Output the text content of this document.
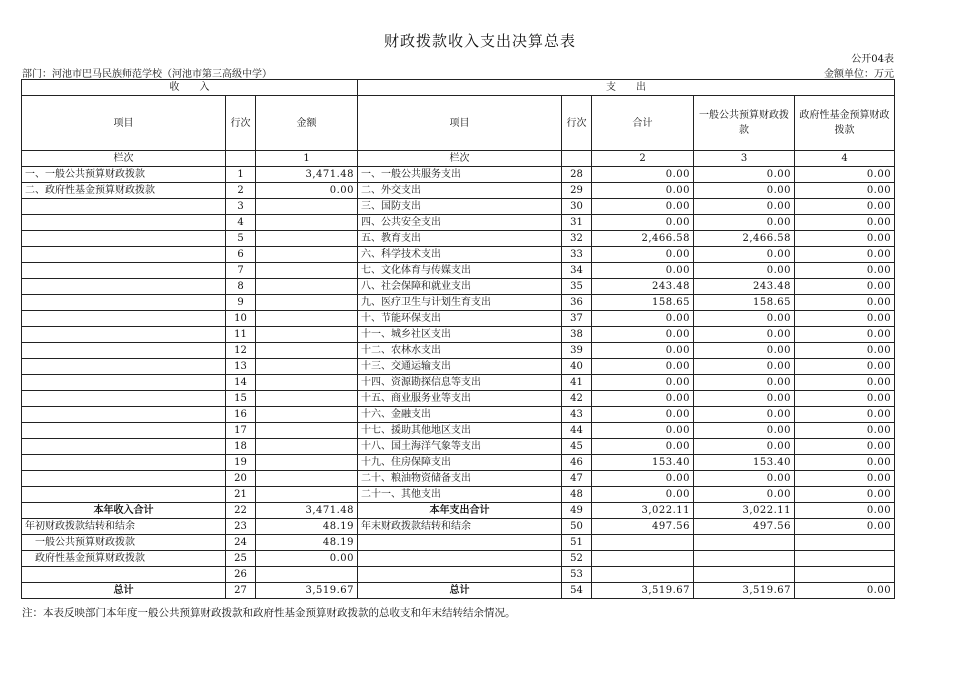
财政拨款收入支出决算总表
公开04表
部门：河池市巴马民族师范学校（河池市第三高级中学）	金额单位：万元
收　　入			支　　出				
项目	行次	金额	项目	行次	合计	一般公共预算财政拨款	政府性基金预算财政拨款
栏次		1	栏次		2	3	4
一、一般公共预算财政拨款	1	3,471.48	一、一般公共服务支出	28	0.00	0.00	0.00
二、政府性基金预算财政拨款	2	0.00	二、外交支出	29	0.00	0.00	0.00
	3		三、国防支出	30	0.00	0.00	0.00
	4		四、公共安全支出	31	0.00	0.00	0.00
	5		五、教育支出	32	2,466.58	2,466.58	0.00
	6		六、科学技术支出	33	0.00	0.00	0.00
	7		七、文化体育与传媒支出	34	0.00	0.00	0.00
	8		八、社会保障和就业支出	35	243.48	243.48	0.00
	9		九、医疗卫生与计划生育支出	36	158.65	158.65	0.00
	10		十、节能环保支出	37	0.00	0.00	0.00
	11		十一、城乡社区支出	38	0.00	0.00	0.00
	12		十二、农林水支出	39	0.00	0.00	0.00
	13		十三、交通运输支出	40	0.00	0.00	0.00
	14		十四、资源勘探信息等支出	41	0.00	0.00	0.00
	15		十五、商业服务业等支出	42	0.00	0.00	0.00
	16		十六、金融支出	43	0.00	0.00	0.00
	17		十七、援助其他地区支出	44	0.00	0.00	0.00
	18		十八、国土海洋气象等支出	45	0.00	0.00	0.00
	19		十九、住房保障支出	46	153.40	153.40	0.00
	20		二十、粮油物资储备支出	47	0.00	0.00	0.00
	21		二十一、其他支出	48	0.00	0.00	0.00
本年收入合计	22	3,471.48	本年支出合计	49	3,022.11	3,022.11	0.00
年初财政拨款结转和结余	23	48.19	年末财政拨款结转和结余	50	497.56	497.56	0.00
　一般公共预算财政拨款	24	48.19		51			
　政府性基金预算财政拨款	25	0.00		52			
	26			53			
总计	27	3,519.67	总计	54	3,519.67	3,519.67	0.00
注：本表反映部门本年度一般公共预算财政拨款和政府性基金预算财政拨款的总收支和年末结转结余情况。
